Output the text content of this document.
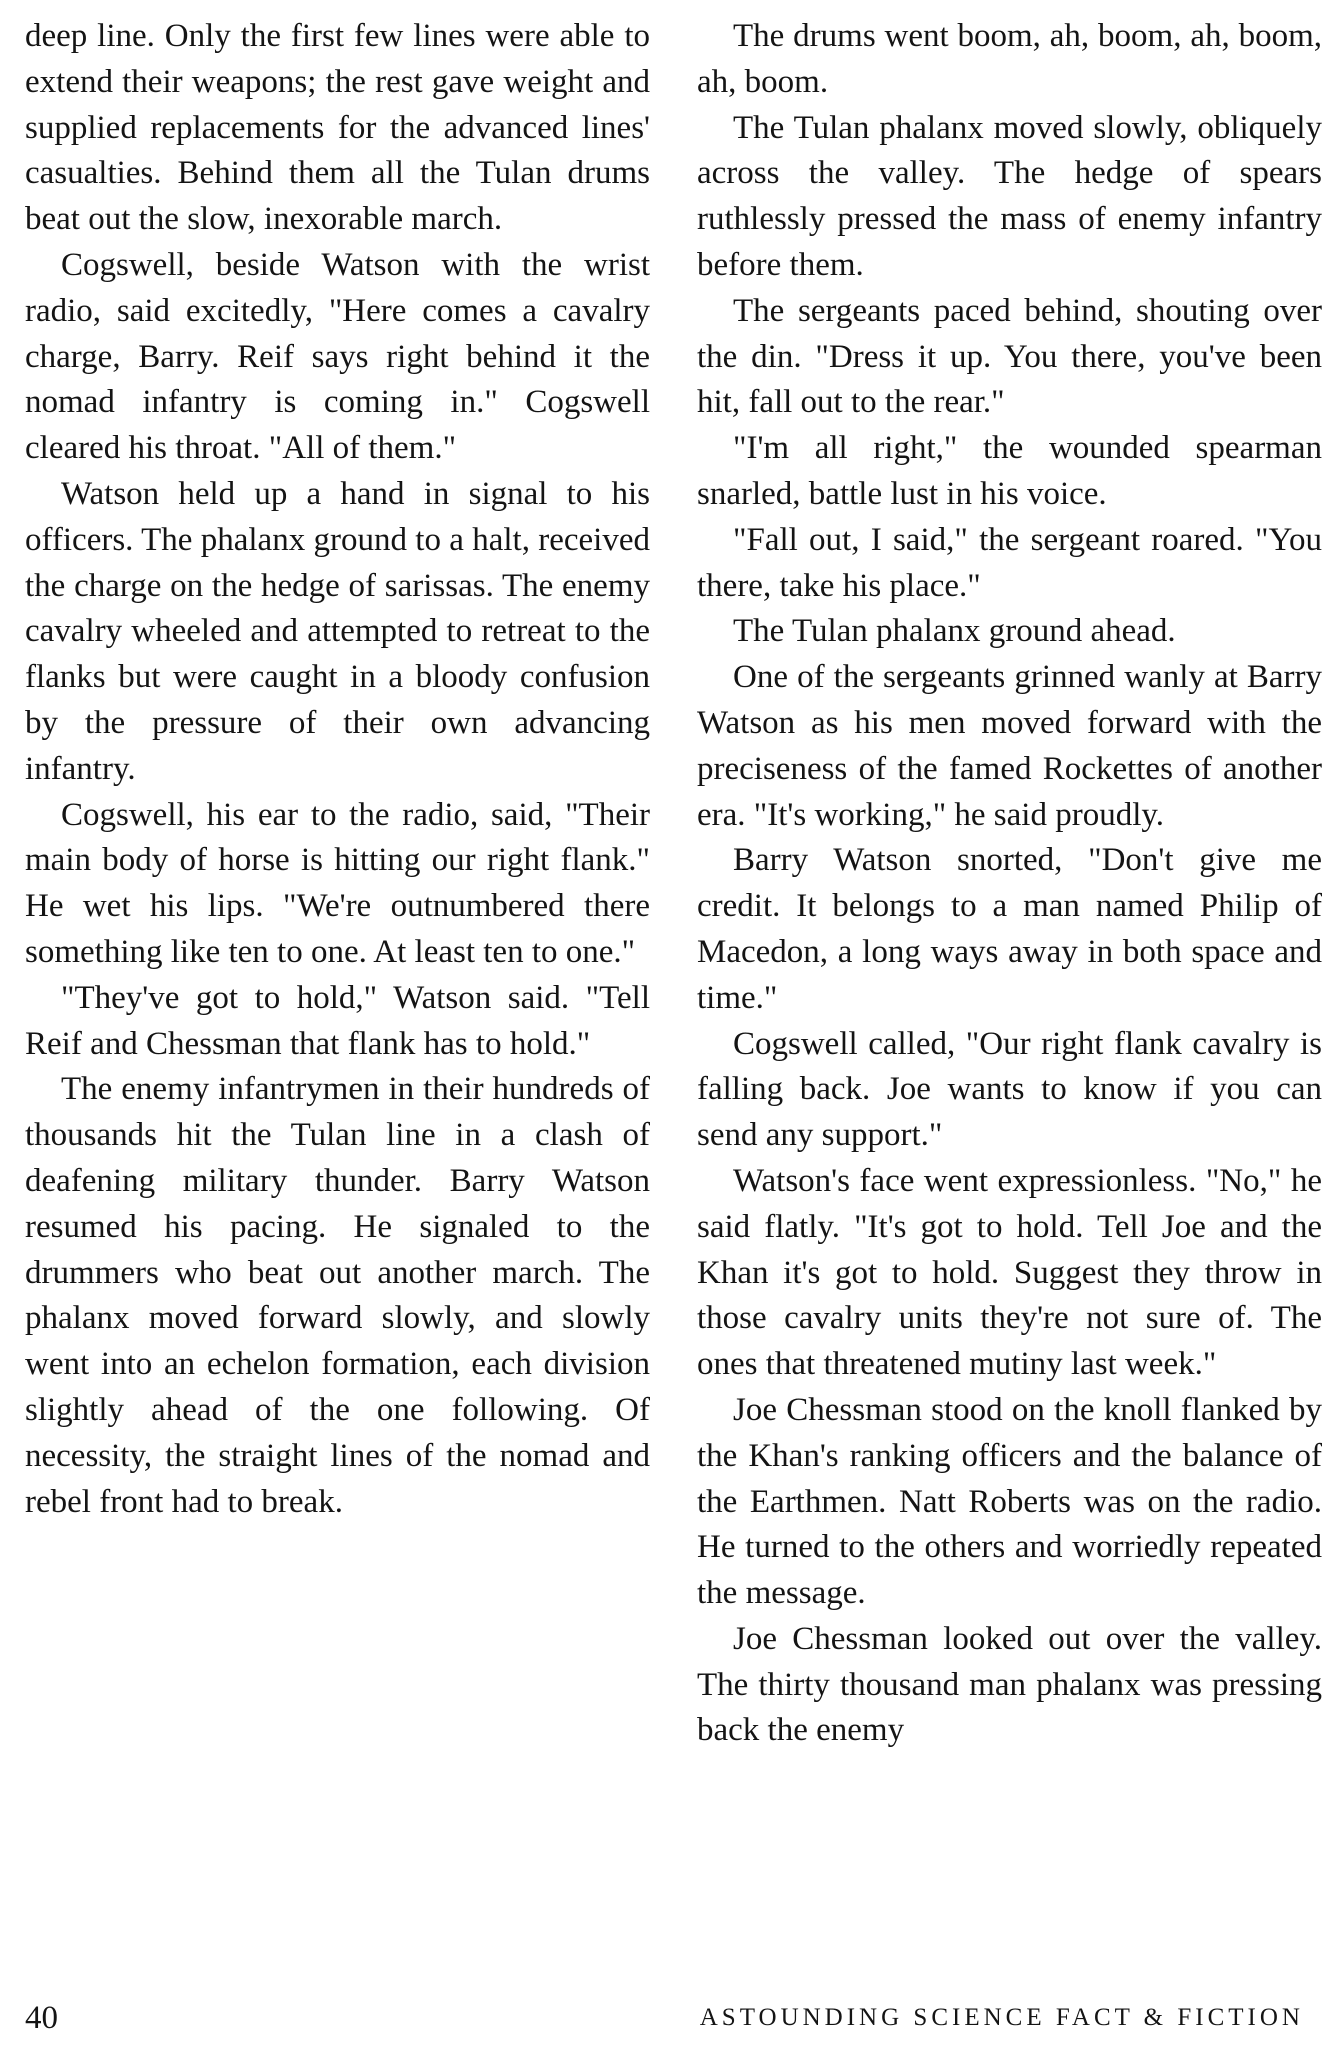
deep line. Only the first few lines were able to extend their weapons; the rest gave weight and supplied replacements for the advanced lines' casualties. Behind them all the Tulan drums beat out the slow, inexorable march.

Cogswell, beside Watson with the wrist radio, said excitedly, "Here comes a cavalry charge, Barry. Reif says right behind it the nomad infantry is coming in." Cogswell cleared his throat. "All of them."

Watson held up a hand in signal to his officers. The phalanx ground to a halt, received the charge on the hedge of sarissas. The enemy cavalry wheeled and attempted to retreat to the flanks but were caught in a bloody confusion by the pressure of their own advancing infantry.

Cogswell, his ear to the radio, said, "Their main body of horse is hitting our right flank." He wet his lips. "We're outnumbered there something like ten to one. At least ten to one."

"They've got to hold," Watson said. "Tell Reif and Chessman that flank has to hold."

The enemy infantrymen in their hundreds of thousands hit the Tulan line in a clash of deafening military thunder. Barry Watson resumed his pacing. He signaled to the drummers who beat out another march. The phalanx moved forward slowly, and slowly went into an echelon formation, each division slightly ahead of the one following. Of necessity, the straight lines of the nomad and rebel front had to break.

The drums went boom, ah, boom, ah, boom, ah, boom.

The Tulan phalanx moved slowly, obliquely across the valley. The hedge of spears ruthlessly pressed the mass of enemy infantry before them.

The sergeants paced behind, shouting over the din. "Dress it up. You there, you've been hit, fall out to the rear."

"I'm all right," the wounded spearman snarled, battle lust in his voice.

"Fall out, I said," the sergeant roared. "You there, take his place."

The Tulan phalanx ground ahead.

One of the sergeants grinned wanly at Barry Watson as his men moved forward with the preciseness of the famed Rockettes of another era. "It's working," he said proudly.

Barry Watson snorted, "Don't give me credit. It belongs to a man named Philip of Macedon, a long ways away in both space and time."

Cogswell called, "Our right flank cavalry is falling back. Joe wants to know if you can send any support."

Watson's face went expressionless. "No," he said flatly. "It's got to hold. Tell Joe and the Khan it's got to hold. Suggest they throw in those cavalry units they're not sure of. The ones that threatened mutiny last week."

Joe Chessman stood on the knoll flanked by the Khan's ranking officers and the balance of the Earthmen. Natt Roberts was on the radio. He turned to the others and worriedly repeated the message.

Joe Chessman looked out over the valley. The thirty thousand man phalanx was pressing back the enemy

40	ASTOUNDING SCIENCE FACT & FICTION
